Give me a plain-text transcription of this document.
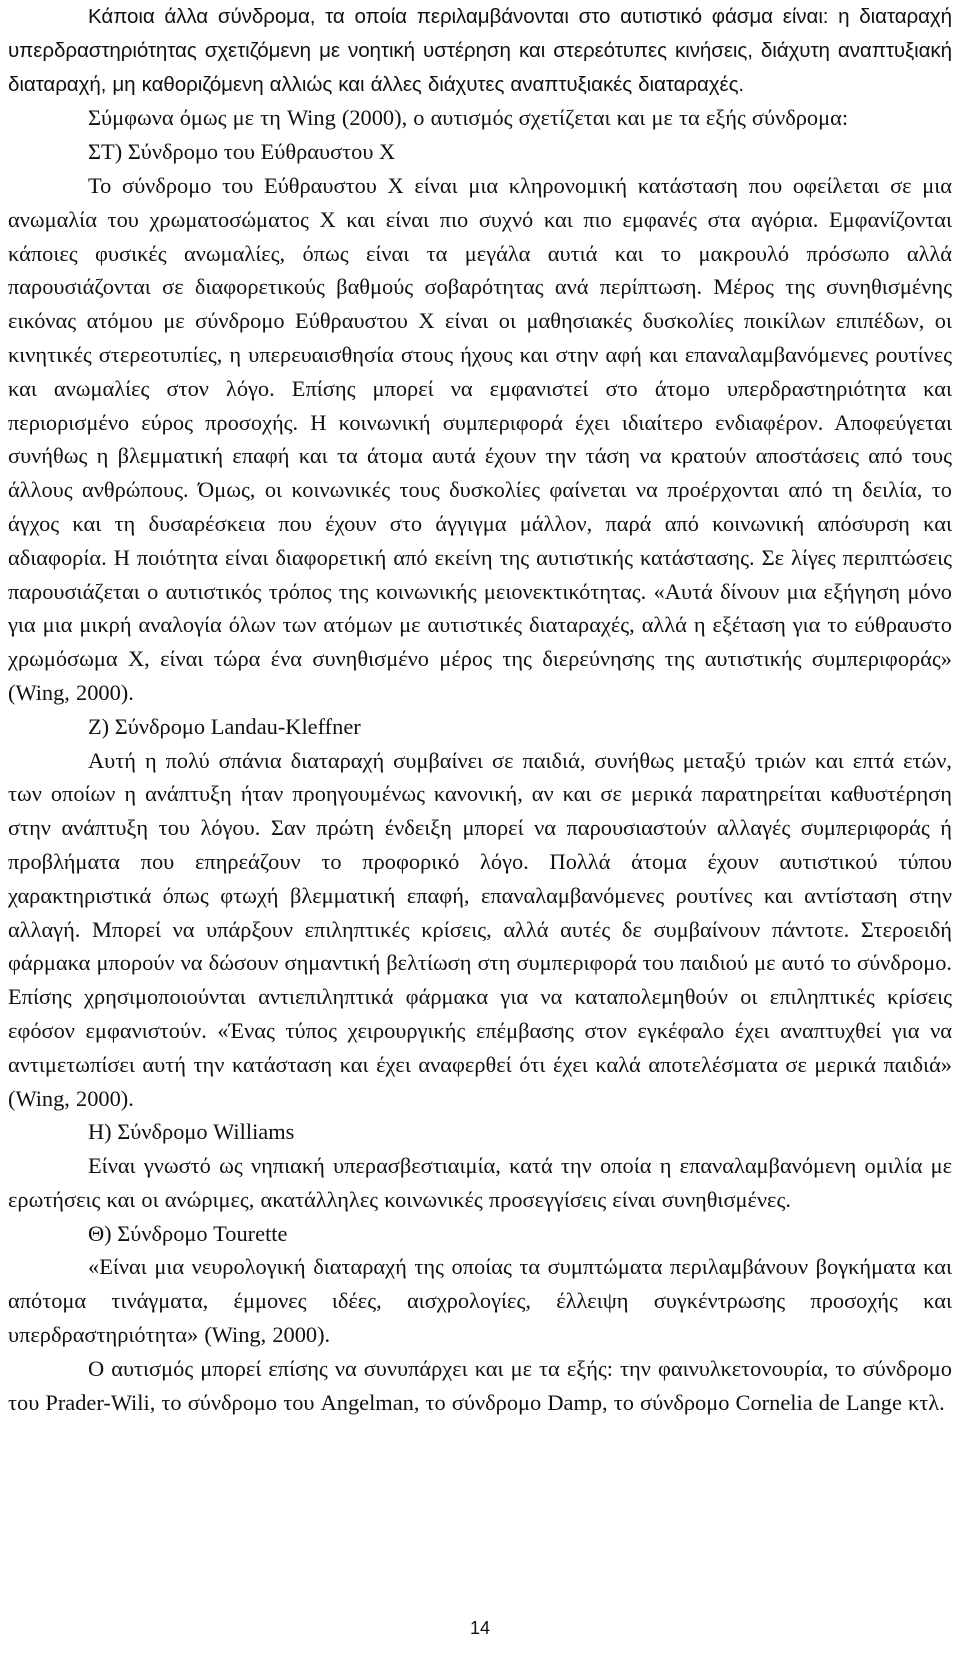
Κάποια άλλα σύνδρομα, τα οποία περιλαμβάνονται στο αυτιστικό φάσμα είναι: η διαταραχή υπερδραστηριότητας σχετιζόμενη με νοητική υστέρηση και στερεότυπες κινήσεις, διάχυτη αναπτυξιακή διαταραχή, μη καθοριζόμενη αλλιώς και άλλες διάχυτες αναπτυξιακές διαταραχές.

Σύμφωνα όμως με τη Wing (2000), ο αυτισμός σχετίζεται και με τα εξής σύνδρομα:

ΣΤ) Σύνδρομο του Εύθραυστου Χ

Το σύνδρομο του Εύθραυστου Χ είναι μια κληρονομική κατάσταση που οφείλεται σε μια ανωμαλία του χρωματοσώματος Χ και είναι πιο συχνό και πιο εμφανές στα αγόρια. Εμφανίζονται κάποιες φυσικές ανωμαλίες, όπως είναι τα μεγάλα αυτιά και το μακρουλό πρόσωπο αλλά παρουσιάζονται σε διαφορετικούς βαθμούς σοβαρότητας ανά περίπτωση. Μέρος της συνηθισμένης εικόνας ατόμου με σύνδρομο Εύθραυστου Χ είναι οι μαθησιακές δυσκολίες ποικίλων επιπέδων, οι κινητικές στερεοτυπίες, η υπερευαισθησία στους ήχους και στην αφή και επαναλαμβανόμενες ρουτίνες και ανωμαλίες στον λόγο. Επίσης μπορεί να εμφανιστεί στο άτομο υπερδραστηριότητα και περιορισμένο εύρος προσοχής. Η κοινωνική συμπεριφορά έχει ιδιαίτερο ενδιαφέρον. Αποφεύγεται συνήθως η βλεμματική επαφή και τα άτομα αυτά έχουν την τάση να κρατούν αποστάσεις από τους άλλους ανθρώπους. Όμως, οι κοινωνικές τους δυσκολίες φαίνεται να προέρχονται από τη δειλία, το άγχος και τη δυσαρέσκεια που έχουν στο άγγιγμα μάλλον, παρά από κοινωνική απόσυρση και αδιαφορία. Η ποιότητα είναι διαφορετική από εκείνη της αυτιστικής κατάστασης. Σε λίγες περιπτώσεις παρουσιάζεται ο αυτιστικός τρόπος της κοινωνικής μειονεκτικότητας. «Αυτά δίνουν μια εξήγηση μόνο για μια μικρή αναλογία όλων των ατόμων με αυτιστικές διαταραχές, αλλά η εξέταση για το εύθραυστο χρωμόσωμα Χ, είναι τώρα ένα συνηθισμένο μέρος της διερεύνησης της αυτιστικής συμπεριφοράς» (Wing, 2000).

Ζ) Σύνδρομο Landau-Kleffner

Αυτή η πολύ σπάνια διαταραχή συμβαίνει σε παιδιά, συνήθως μεταξύ τριών και επτά ετών, των οποίων η ανάπτυξη ήταν προηγουμένως κανονική, αν και σε μερικά παρατηρείται καθυστέρηση στην ανάπτυξη του λόγου. Σαν πρώτη ένδειξη μπορεί να παρουσιαστούν αλλαγές συμπεριφοράς ή προβλήματα που επηρεάζουν το προφορικό λόγο. Πολλά άτομα έχουν αυτιστικού τύπου χαρακτηριστικά όπως φτωχή βλεμματική επαφή, επαναλαμβανόμενες ρουτίνες και αντίσταση στην αλλαγή. Μπορεί να υπάρξουν επιληπτικές κρίσεις, αλλά αυτές δε συμβαίνουν πάντοτε. Στεροειδή φάρμακα μπορούν να δώσουν σημαντική βελτίωση στη συμπεριφορά του παιδιού με αυτό το σύνδρομο. Επίσης χρησιμοποιούνται αντιεπιληπτικά φάρμακα για να καταπολεμηθούν οι επιληπτικές κρίσεις εφόσον εμφανιστούν. «Ένας τύπος χειρουργικής επέμβασης στον εγκέφαλο έχει αναπτυχθεί για να αντιμετωπίσει αυτή την κατάσταση και έχει αναφερθεί ότι έχει καλά αποτελέσματα σε μερικά παιδιά» (Wing, 2000).

Η) Σύνδρομο Williams

Είναι γνωστό ως νηπιακή υπερασβεστιαιμία, κατά την οποία η επαναλαμβανόμενη ομιλία με ερωτήσεις και οι ανώριμες, ακατάλληλες κοινωνικές προσεγγίσεις είναι συνηθισμένες.

Θ) Σύνδρομο Tourette

«Είναι μια νευρολογική διαταραχή της οποίας τα συμπτώματα περιλαμβάνουν βογκήματα και απότομα τινάγματα, έμμονες ιδέες, αισχρολογίες, έλλειψη συγκέντρωσης προσοχής και υπερδραστηριότητα» (Wing, 2000).

Ο αυτισμός μπορεί επίσης να συνυπάρχει και με τα εξής: την φαινυλκετονουρία, το σύνδρομο του Prader-Wili, το σύνδρομο του Angelman, το σύνδρομο Damp, το σύνδρομο Cornelia de Lange κτλ.

14
